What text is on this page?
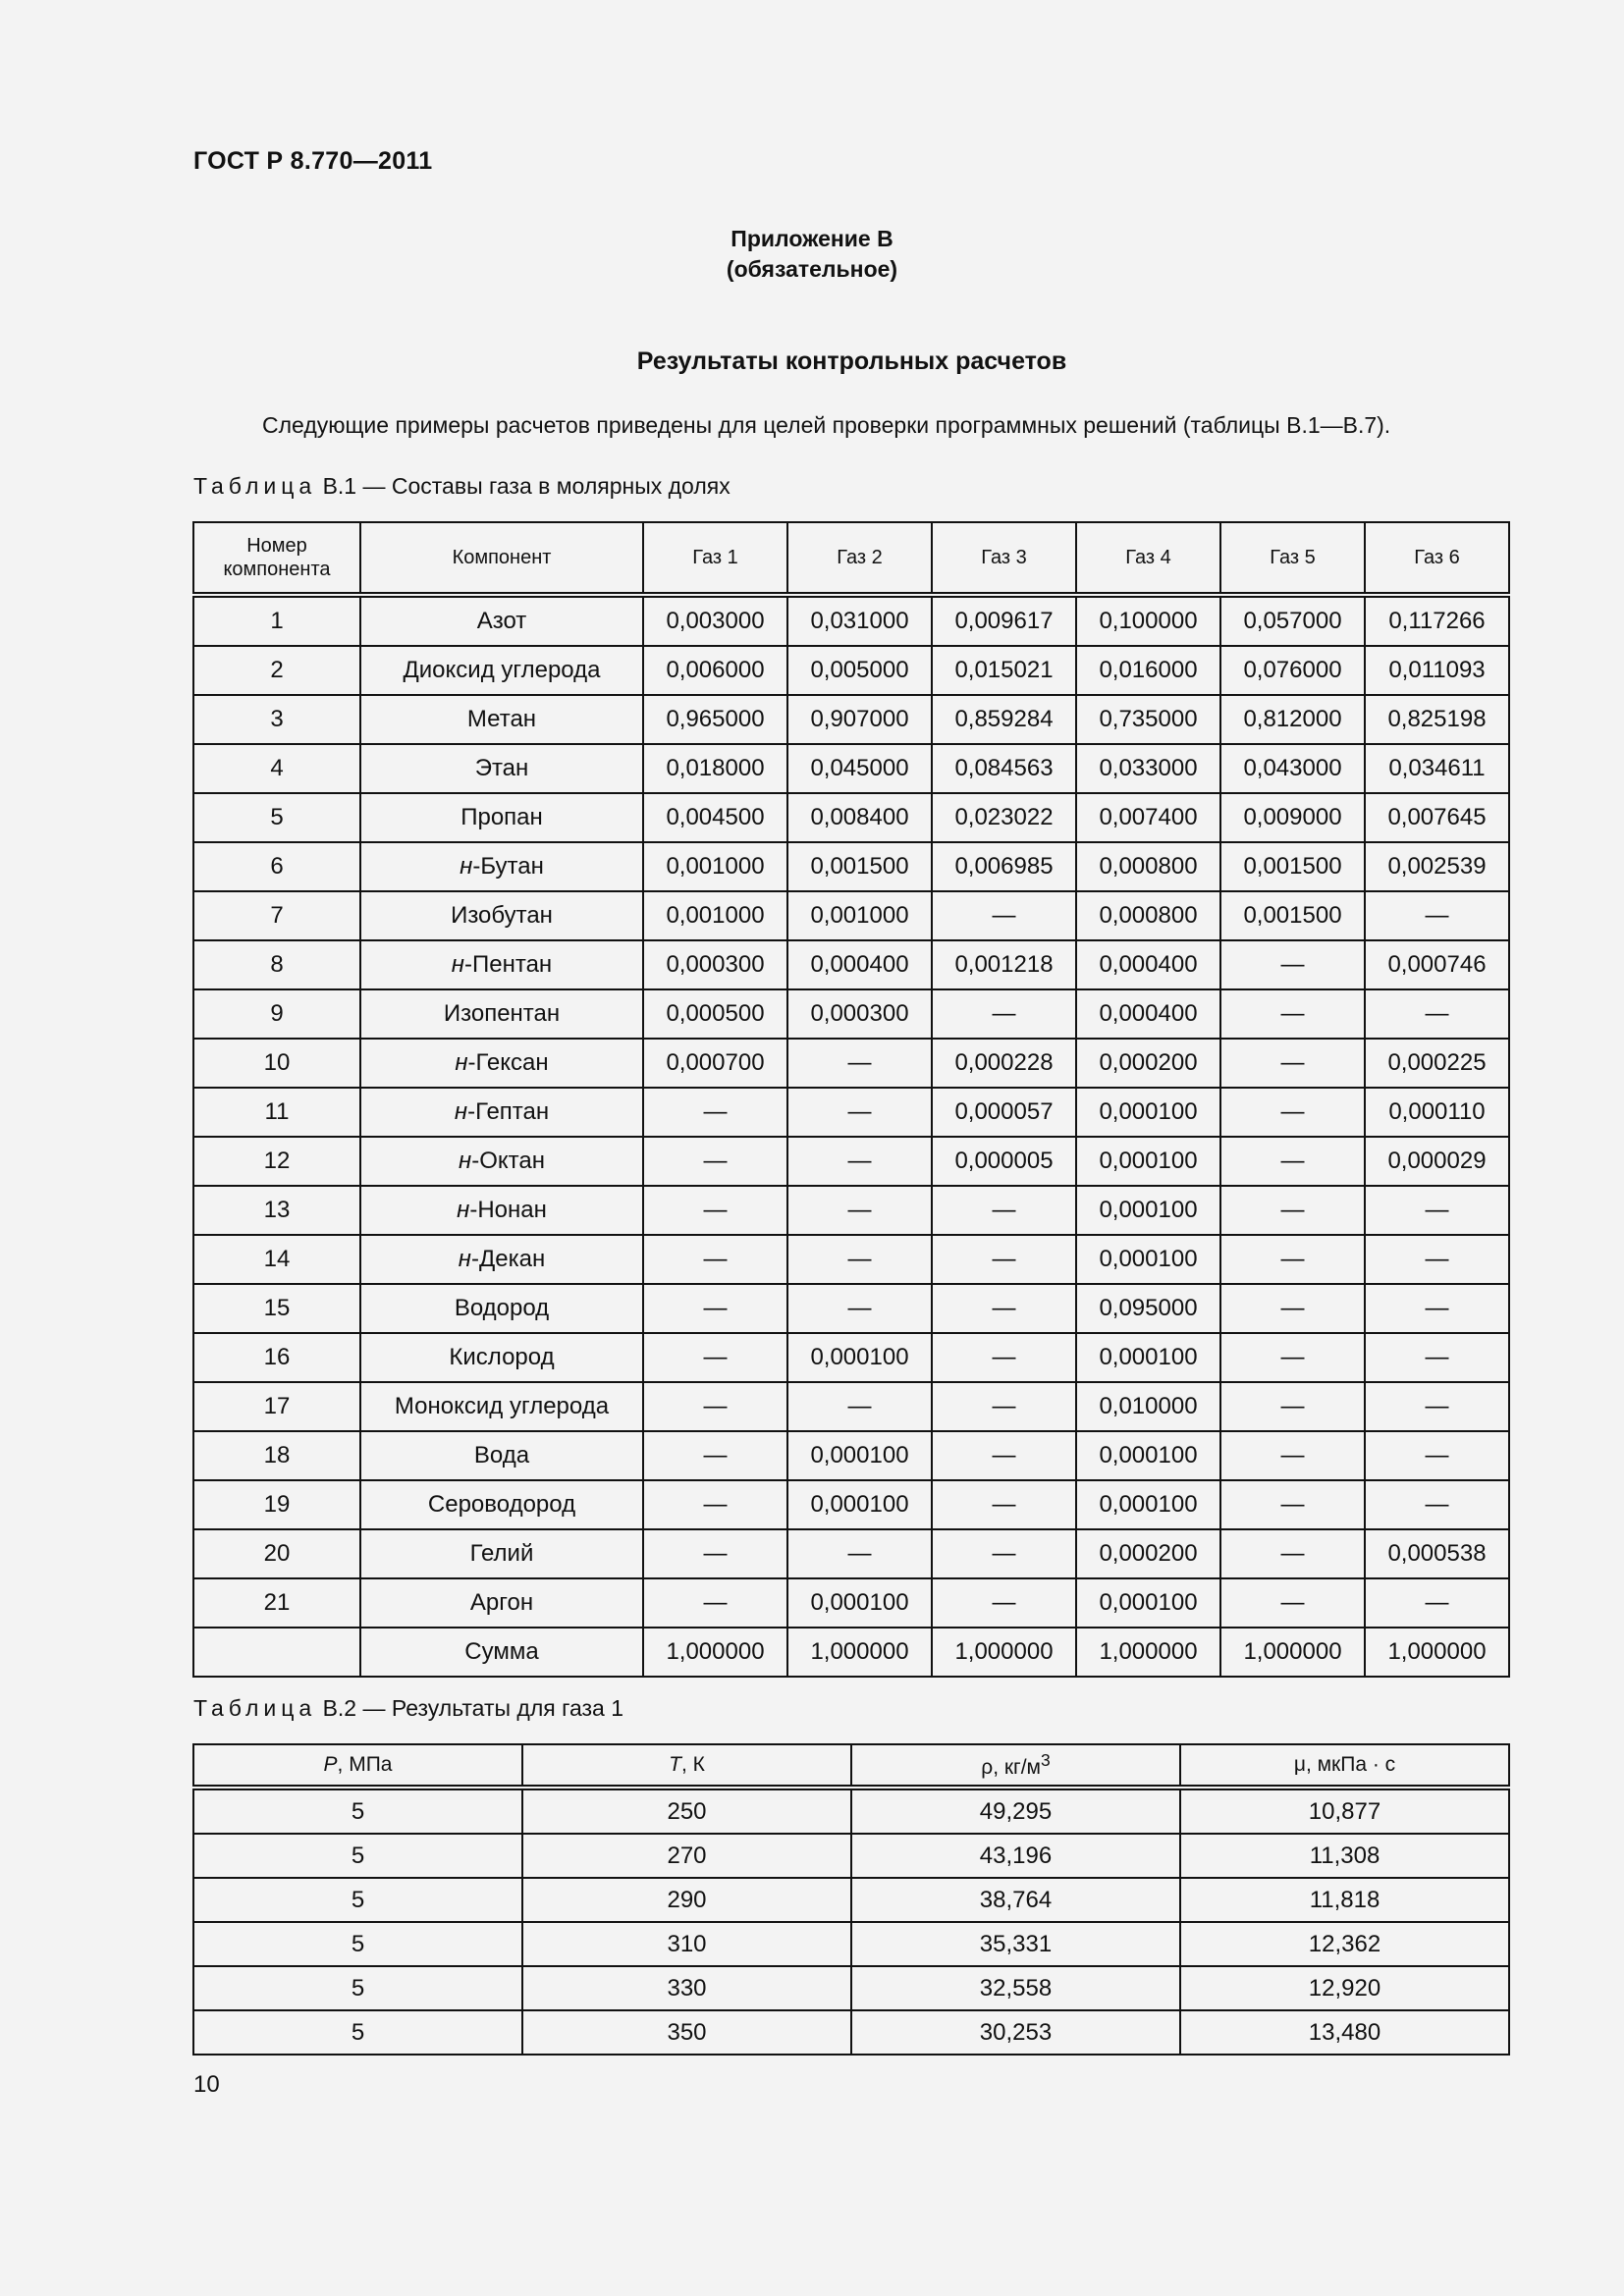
ГОСТ Р 8.770—2011
Приложение В
(обязательное)
Результаты контрольных расчетов
Следующие примеры расчетов приведены для целей проверки программных решений (таблицы В.1—В.7).
Таблица В.1 — Составы газа в молярных долях
Номер компонента	Компонент	Газ 1	Газ 2	Газ 3	Газ 4	Газ 5	Газ 6
1	Азот	0,003000	0,031000	0,009617	0,100000	0,057000	0,117266
2	Диоксид углерода	0,006000	0,005000	0,015021	0,016000	0,076000	0,011093
3	Метан	0,965000	0,907000	0,859284	0,735000	0,812000	0,825198
4	Этан	0,018000	0,045000	0,084563	0,033000	0,043000	0,034611
5	Пропан	0,004500	0,008400	0,023022	0,007400	0,009000	0,007645
6	н-Бутан	0,001000	0,001500	0,006985	0,000800	0,001500	0,002539
7	Изобутан	0,001000	0,001000	—	0,000800	0,001500	—
8	н-Пентан	0,000300	0,000400	0,001218	0,000400	—	0,000746
9	Изопентан	0,000500	0,000300	—	0,000400	—	—
10	н-Гексан	0,000700	—	0,000228	0,000200	—	0,000225
11	н-Гептан	—	—	0,000057	0,000100	—	0,000110
12	н-Октан	—	—	0,000005	0,000100	—	0,000029
13	н-Нонан	—	—	—	0,000100	—	—
14	н-Декан	—	—	—	0,000100	—	—
15	Водород	—	—	—	0,095000	—	—
16	Кислород	—	0,000100	—	0,000100	—	—
17	Моноксид углерода	—	—	—	0,010000	—	—
18	Вода	—	0,000100	—	0,000100	—	—
19	Сероводород	—	0,000100	—	0,000100	—	—
20	Гелий	—	—	—	0,000200	—	0,000538
21	Аргон	—	0,000100	—	0,000100	—	—
	Сумма	1,000000	1,000000	1,000000	1,000000	1,000000	1,000000
Таблица В.2 — Результаты для газа 1
P, МПа	T, К	ρ, $кг/м^3$	μ, мкПа · с
5	250	49,295	10,877
5	270	43,196	11,308
5	290	38,764	11,818
5	310	35,331	12,362
5	330	32,558	12,920
5	350	30,253	13,480
10
